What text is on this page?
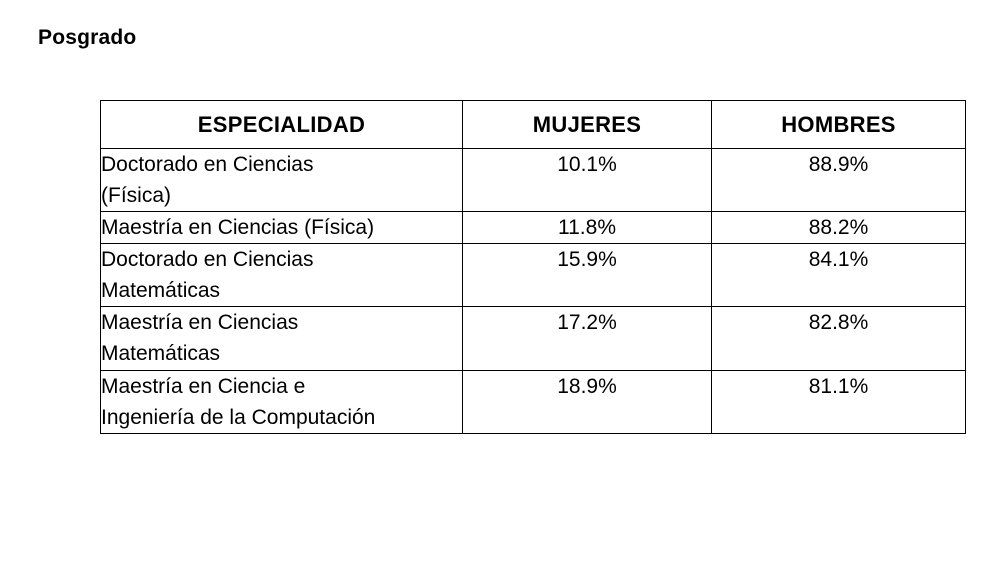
Posgrado
ESPECIALIDAD	MUJERES	HOMBRES

Doctorado en Ciencias
(Física)	10.1%	88.9%
Maestría en Ciencias (Física)	11.8%	88.2%

Doctorado en Ciencias
Matemáticas	15.9%	84.1%

Maestría en Ciencias
Matemáticas	17.2%	82.8%

Maestría en Ciencia e
Ingeniería de la Computación	18.9%	81.1%
